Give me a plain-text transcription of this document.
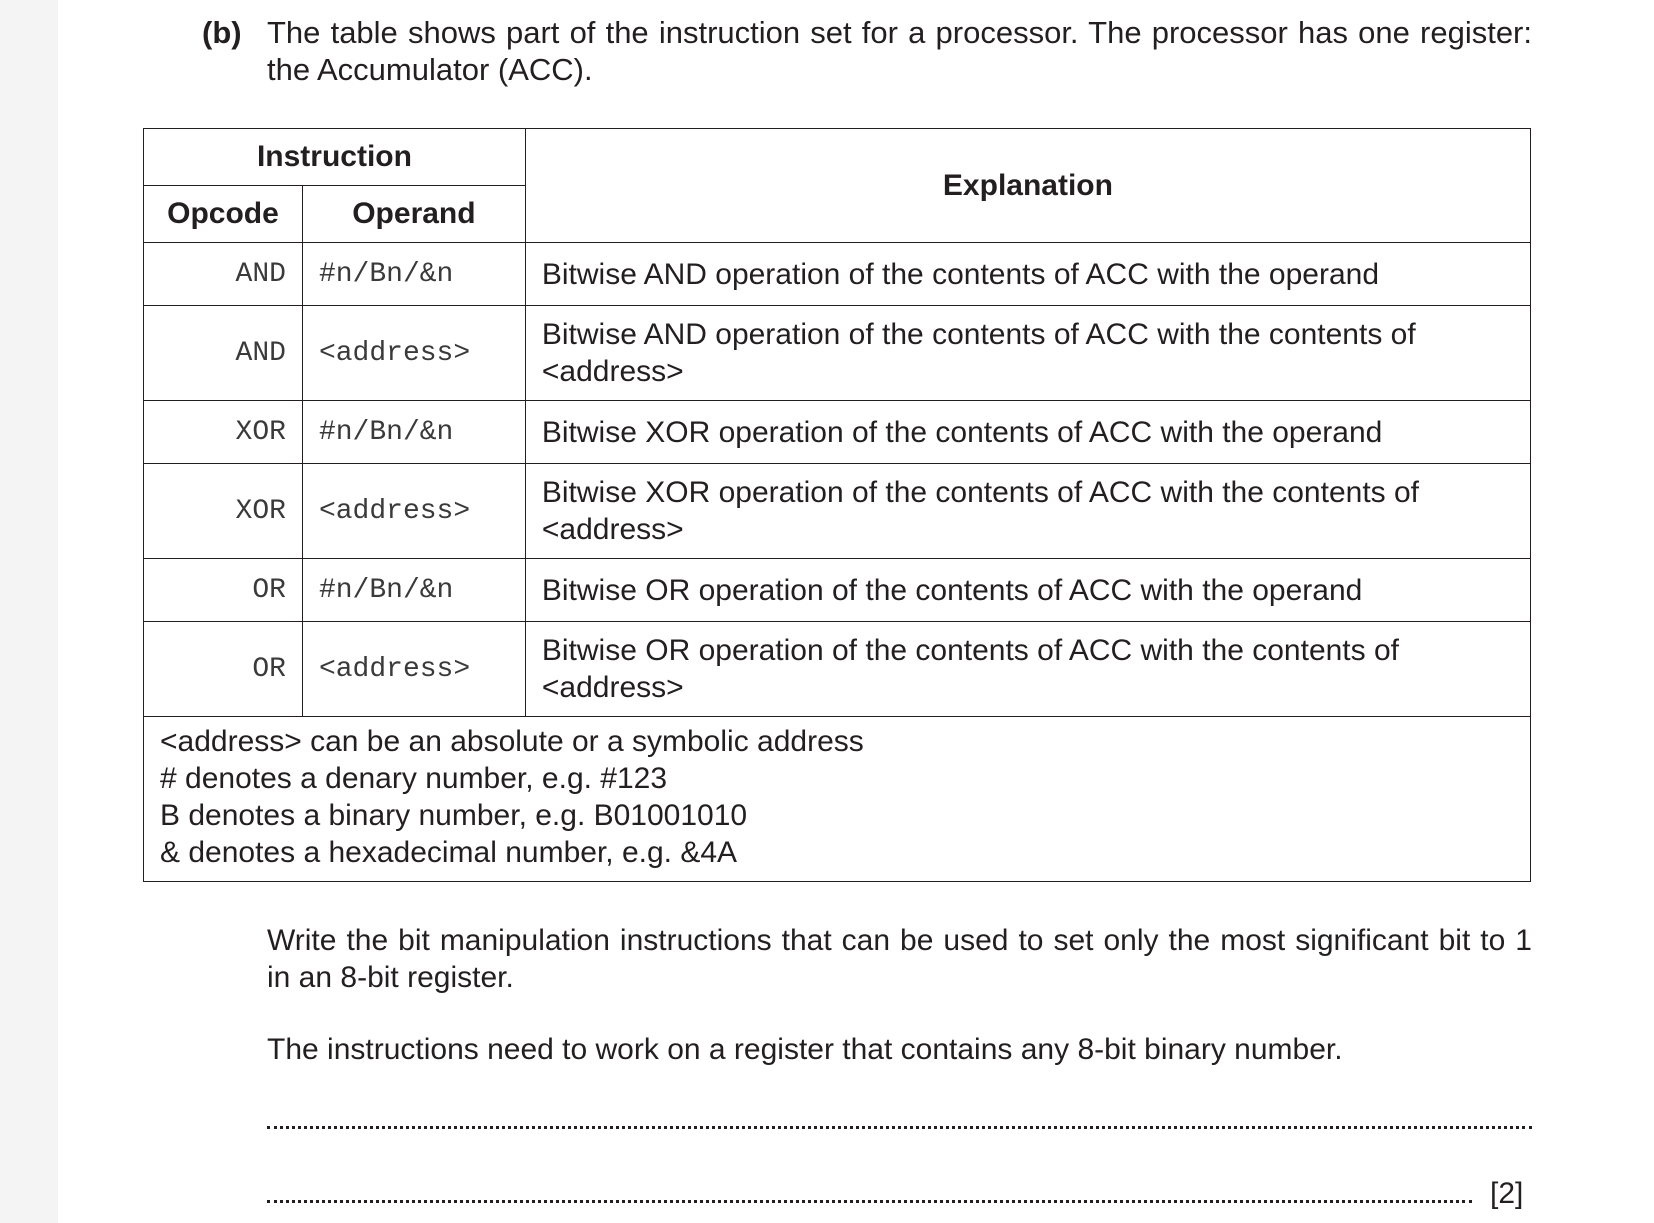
(b) The table shows part of the instruction set for a processor. The processor has one register: the Accumulator (ACC).
Instruction		Explanation
Opcode	Operand	
AND	#n/Bn/&n	Bitwise AND operation of the contents of ACC with the operand
AND	<address>	Bitwise AND operation of the contents of ACC with the contents of <address>
XOR	#n/Bn/&n	Bitwise XOR operation of the contents of ACC with the operand
XOR	<address>	Bitwise XOR operation of the contents of ACC with the contents of <address>
OR	#n/Bn/&n	Bitwise OR operation of the contents of ACC with the operand
OR	<address>	Bitwise OR operation of the contents of ACC with the contents of <address>

<address> can be an absolute or a symbolic address
# denotes a denary number, e.g. #123
B denotes a binary number, e.g. B01001010
& denotes a hexadecimal number, e.g. &4A		
Write the bit manipulation instructions that can be used to set only the most significant bit to 1 in an 8-bit register.
The instructions need to work on a register that contains any 8-bit binary number.
[2]
